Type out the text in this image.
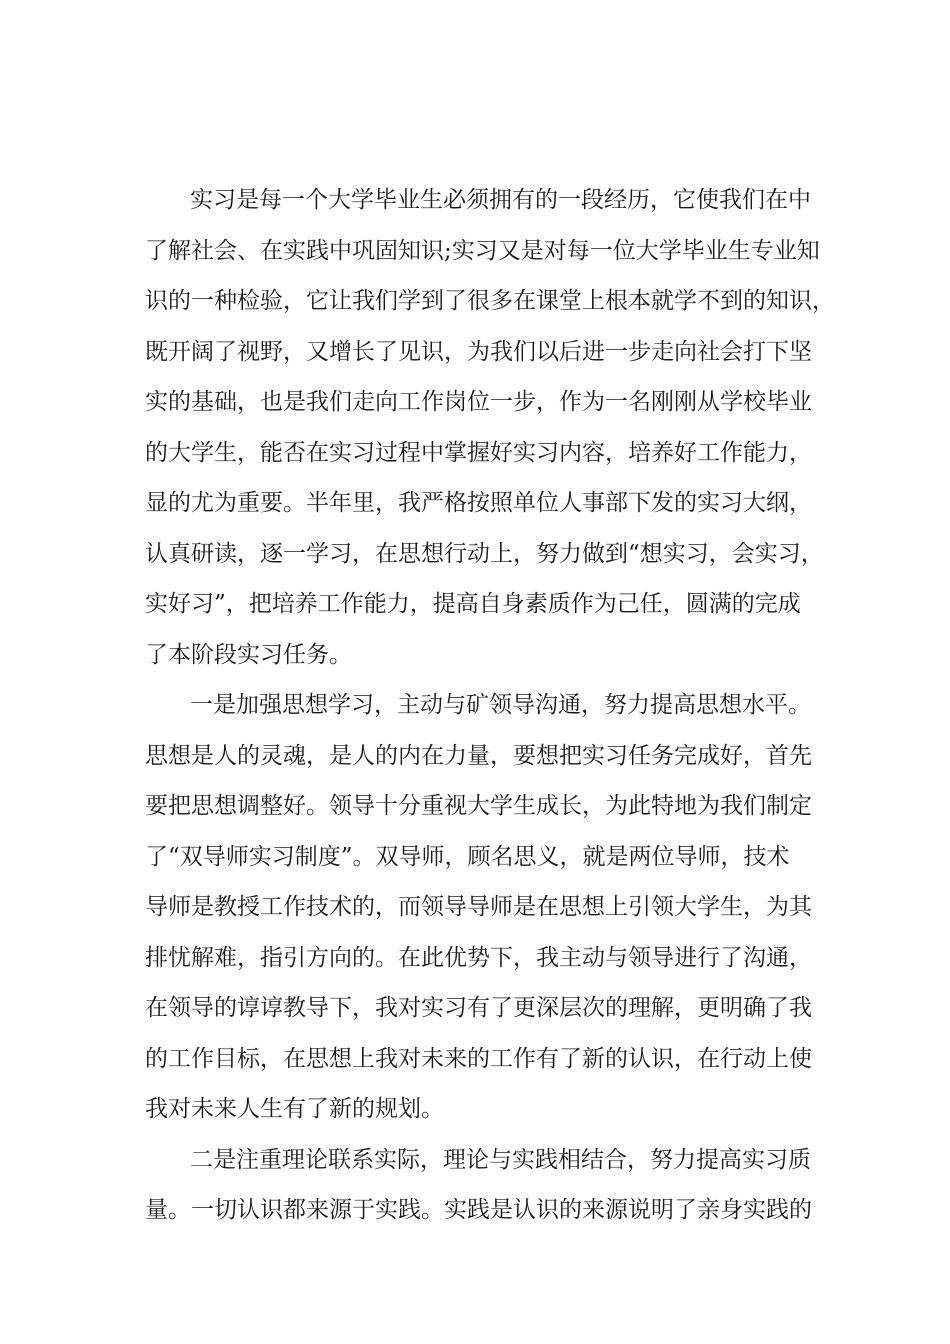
实习是每一个大学毕业生必须拥有的一段经历，它使我们在中

了解社会、在实践中巩固知识;实习又是对每一位大学毕业生专业知

识的一种检验，它让我们学到了很多在课堂上根本就学不到的知识，

既开阔了视野，又增长了见识，为我们以后进一步走向社会打下坚

实的基础，也是我们走向工作岗位一步，作为一名刚刚从学校毕业

的大学生，能否在实习过程中掌握好实习内容，培养好工作能力，

显的尤为重要。半年里，我严格按照单位人事部下发的实习大纲，

认真研读，逐一学习，在思想行动上，努力做到“想实习，会实习，

实好习”，把培养工作能力，提高自身素质作为己任，圆满的完成

了本阶段实习任务。

一是加强思想学习，主动与矿领导沟通，努力提高思想水平。

思想是人的灵魂，是人的内在力量，要想把实习任务完成好，首先

要把思想调整好。领导十分重视大学生成长，为此特地为我们制定

了“双导师实习制度”。双导师，顾名思义，就是两位导师，技术

导师是教授工作技术的，而领导导师是在思想上引领大学生，为其

排忧解难，指引方向的。在此优势下，我主动与领导进行了沟通，

在领导的谆谆教导下，我对实习有了更深层次的理解，更明确了我

的工作目标，在思想上我对未来的工作有了新的认识，在行动上使

我对未来人生有了新的规划。

二是注重理论联系实际，理论与实践相结合，努力提高实习质

量。一切认识都来源于实践。实践是认识的来源说明了亲身实践的
